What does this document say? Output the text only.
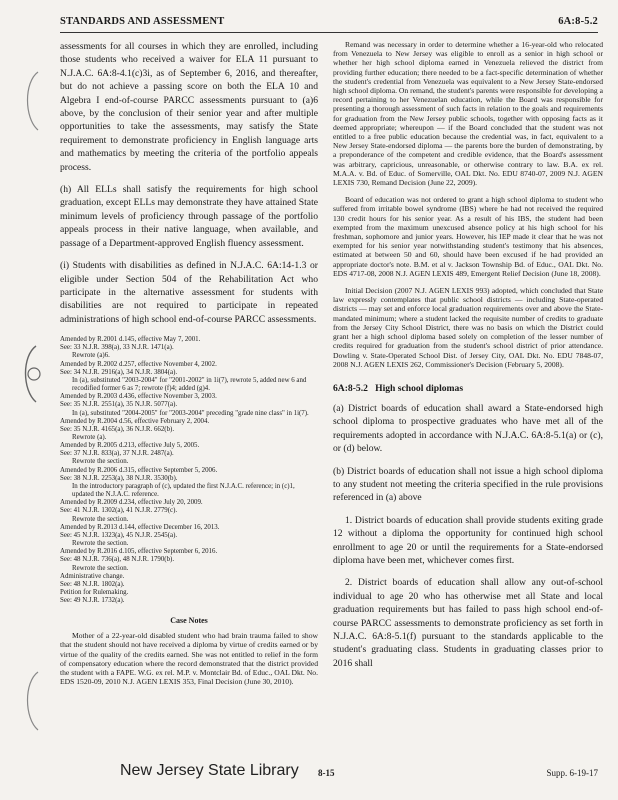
STANDARDS AND ASSESSMENT	6A:8-5.2

assessments for all courses in which they are enrolled, including those students who received a waiver for ELA 11 pursuant to N.J.A.C. 6A:8-4.1(c)3i, as of September 6, 2016, and thereafter, but do not achieve a passing score on both the ELA 10 and Algebra I end-of-course PARCC assessments pursuant to (a)6 above, by the conclusion of their senior year and after multiple opportunities to take the assessments, may satisfy the State requirement to demonstrate proficiency in English language arts and mathematics by meeting the criteria of the portfolio appeals process.

(h) All ELLs shall satisfy the requirements for high school graduation, except ELLs may demonstrate they have attained State minimum levels of proficiency through passage of the portfolio appeals process in their native language, when available, and passage of a Department-approved English fluency assessment.

(i) Students with disabilities as defined in N.J.A.C. 6A:14-1.3 or eligible under Section 504 of the Rehabilitation Act who participate in the alternative assessment for students with disabilities are not required to participate in repeated administrations of high school end-of-course PARCC assessments.

Amended by R.2001 d.145, effective May 7, 2001.
See: 33 N.J.R. 398(a), 33 N.J.R. 1471(a).
Rewrote (a)6.
Amended by R.2002 d.257, effective November 4, 2002.
See: 34 N.J.R. 2916(a), 34 N.J.R. 3804(a).
In (a), substituted "2003-2004" for "2001-2002" in 1i(7), rewrote 5, added new 6 and recodified former 6 as 7; rewrote (f)4; added (g)4.
Amended by R.2003 d.436, effective November 3, 2003.
See: 35 N.J.R. 2551(a), 35 N.J.R. 5077(a).
In (a), substituted "2004-2005" for "2003-2004" preceding "grade nine class" in 1i(7).
Amended by R.2004 d.56, effective February 2, 2004.
See: 35 N.J.R. 4165(a), 36 N.J.R. 662(b).
Rewrote (a).
Amended by R.2005 d.213, effective July 5, 2005.
See: 37 N.J.R. 833(a), 37 N.J.R. 2487(a).
Rewrote the section.
Amended by R.2006 d.315, effective September 5, 2006.
See: 38 N.J.R. 2253(a), 38 N.J.R. 3530(b).
In the introductory paragraph of (c), updated the first N.J.A.C. reference; in (c)1, updated the N.J.A.C. reference.
Amended by R.2009 d.234, effective July 20, 2009.
See: 41 N.J.R. 1302(a), 41 N.J.R. 2779(c).
Rewrote the section.
Amended by R.2013 d.144, effective December 16, 2013.
See: 45 N.J.R. 1323(a), 45 N.J.R. 2545(a).
Rewrote the section.
Amended by R.2016 d.105, effective September 6, 2016.
See: 48 N.J.R. 736(a), 48 N.J.R. 1790(b).
Rewrote the section.
Administrative change.
See: 48 N.J.R. 1802(a).
Petition for Rulemaking.
See: 49 N.J.R. 1732(a).
Case Notes

Mother of a 22-year-old disabled student who had brain trauma failed to show that the student should not have received a diploma by virtue of credits earned or by virtue of the quality of the credits earned. She was not entitled to relief in the form of compensatory education where the record demonstrated that the district provided the student with a FAPE. W.G. ex rel. M.P. v. Montclair Bd. of Educ., OAL Dkt. No. EDS 1520-09, 2010 N.J. AGEN LEXIS 353, Final Decision (June 30, 2010).

Remand was necessary in order to determine whether a 16-year-old who relocated from Venezuela to New Jersey was eligible to enroll as a senior in high school or whether her high school diploma earned in Venezuela relieved the district from providing further education; there needed to be a fact-specific determination of whether the student's credential from Venezuela was equivalent to a New Jersey State-endorsed high school diploma. On remand, the student's parents were responsible for developing a record pertaining to her Venezuelan education, while the Board was responsible for presenting a thorough assessment of such facts in relation to the goals and requirements for graduation from the New Jersey public schools, together with opposing facts as it deemed appropriate; whereupon — if the Board concluded that the student was not entitled to a free public education because the credential was, in fact, equivalent to a New Jersey State-endorsed diploma — the parents bore the burden of demonstrating, by a preponderance of the competent and credible evidence, that the Board's assessment was arbitrary, capricious, unreasonable, or otherwise contrary to law. B.A. ex rel. M.A.A. v. Bd. of Educ. of Somerville, OAL Dkt. No. EDU 8740-07, 2009 N.J. AGEN LEXIS 730, Remand Decision (June 22, 2009).

Board of education was not ordered to grant a high school diploma to student who suffered from irritable bowel syndrome (IBS) where he had not received the required 130 credit hours for his senior year. As a result of his IBS, the student had been exempted from the maximum unexcused absence policy at his high school for his freshman, sophomore and junior years. However, his IEP made it clear that he was not exempted for his senior year notwithstanding student's testimony that his absences, estimated at between 50 and 60, should have been excused if he had provided an appropriate doctor's note. B.M. et al v. Jackson Township Bd. of Educ., OAL Dkt. No. EDS 4717-08, 2008 N.J. AGEN LEXIS 489, Emergent Relief Decision (June 18, 2008).

Initial Decision (2007 N.J. AGEN LEXIS 993) adopted, which concluded that State law expressly contemplates that public school districts — including State-operated districts — may set and enforce local graduation requirements over and above the State-mandated minimum; where a student lacked the requisite number of credits to graduate from the Jersey City School District, there was no basis on which the District could grant her a high school diploma based solely on completion of the lesser number of credits required for graduation from the student's school district of prior attendance. Dowling v. State-Operated School Dist. of Jersey City, OAL Dkt. No. EDU 7848-07, 2008 N.J. AGEN LEXIS 262, Commissioner's Decision (February 5, 2008).

6A:8-5.2 High school diplomas

(a) District boards of education shall award a State-endorsed high school diploma to prospective graduates who have met all of the requirements adopted in accordance with N.J.A.C. 6A:8-5.1(a) or (c), or (d) below.

(b) District boards of education shall not issue a high school diploma to any student not meeting the criteria specified in the rule provisions referenced in (a) above

1. District boards of education shall provide students exiting grade 12 without a diploma the opportunity for continued high school enrollment to age 20 or until the requirements for a State-endorsed diploma have been met, whichever comes first.

2. District boards of education shall allow any out-of-school individual to age 20 who has otherwise met all State and local graduation requirements but has failed to pass high school end-of-course PARCC assessments to demonstrate proficiency as set forth in N.J.A.C. 6A:8-5.1(f) pursuant to the standards applicable to the student's graduating class. Students in graduating classes prior to 2016 shall

New Jersey State Library 8-15	Supp. 6-19-17
